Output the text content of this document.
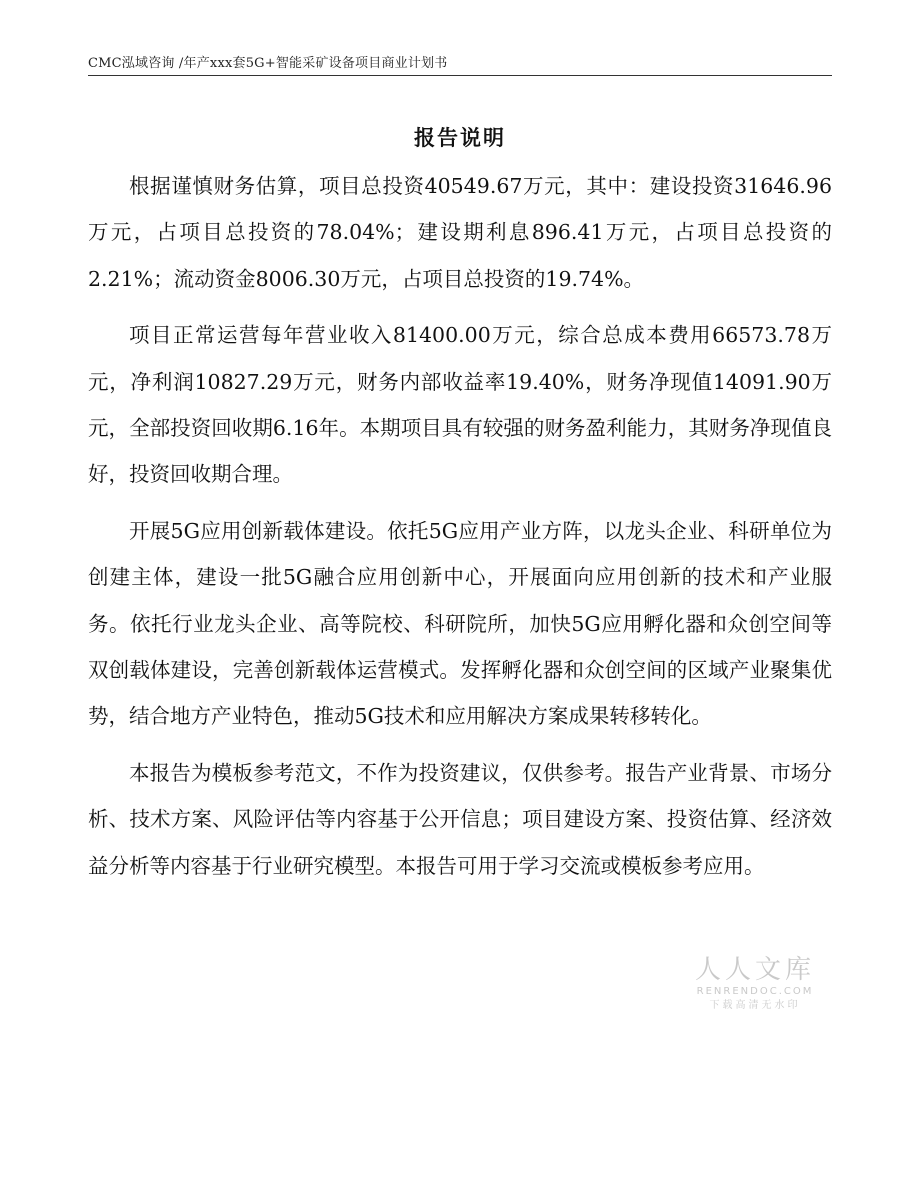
CMC泓域咨询 /年产xxx套5G+智能采矿设备项目商业计划书
报告说明

根据谨慎财务估算，项目总投资40549.67万元，其中：建设投资31646.96万元，占项目总投资的78.04%；建设期利息896.41万元，占项目总投资的2.21%；流动资金8006.30万元，占项目总投资的19.74%。

项目正常运营每年营业收入81400.00万元，综合总成本费用66573.78万元，净利润10827.29万元，财务内部收益率19.40%，财务净现值14091.90万元，全部投资回收期6.16年。本期项目具有较强的财务盈利能力，其财务净现值良好，投资回收期合理。

开展5G应用创新载体建设。依托5G应用产业方阵，以龙头企业、科研单位为创建主体，建设一批5G融合应用创新中心，开展面向应用创新的技术和产业服务。依托行业龙头企业、高等院校、科研院所，加快5G应用孵化器和众创空间等双创载体建设，完善创新载体运营模式。发挥孵化器和众创空间的区域产业聚集优势，结合地方产业特色，推动5G技术和应用解决方案成果转移转化。

本报告为模板参考范文，不作为投资建议，仅供参考。报告产业背景、市场分析、技术方案、风险评估等内容基于公开信息；项目建设方案、投资估算、经济效益分析等内容基于行业研究模型。本报告可用于学习交流或模板参考应用。

人人文库
RENRENDOC.COM
下载高清无水印
